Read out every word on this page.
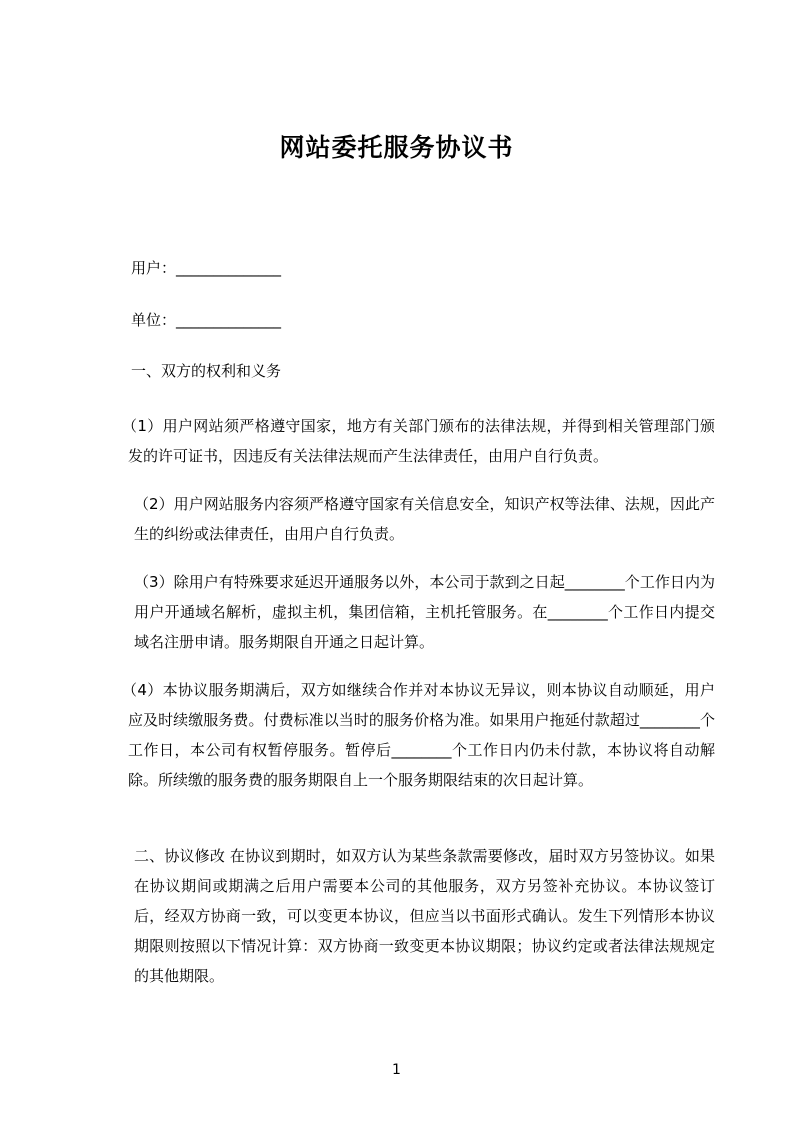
网站委托服务协议书
用户：______________
单位：______________
一、双方的权利和义务

（1）用户网站须严格遵守国家，地方有关部门颁布的法律法规，并得到相关管理部门颁发的许可证书，因违反有关法律法规而产生法律责任，由用户自行负责。

（2）用户网站服务内容须严格遵守国家有关信息安全，知识产权等法律、法规，因此产生的纠纷或法律责任，由用户自行负责。

（3）除用户有特殊要求延迟开通服务以外，本公司于款到之日起________个工作日内为用户开通域名解析，虚拟主机，集团信箱，主机托管服务。在________个工作日内提交域名注册申请。服务期限自开通之日起计算。

（4）本协议服务期满后，双方如继续合作并对本协议无异议，则本协议自动顺延，用户应及时续缴服务费。付费标准以当时的服务价格为准。如果用户拖延付款超过________个工作日，本公司有权暂停服务。暂停后________个工作日内仍未付款，本协议将自动解除。所续缴的服务费的服务期限自上一个服务期限结束的次日起计算。

二、协议修改 在协议到期时，如双方认为某些条款需要修改，届时双方另签协议。如果在协议期间或期满之后用户需要本公司的其他服务，双方另签补充协议。本协议签订后，经双方协商一致，可以变更本协议，但应当以书面形式确认。发生下列情形本协议期限则按照以下情况计算：双方协商一致变更本协议期限；协议约定或者法律法规规定的其他期限。

1
